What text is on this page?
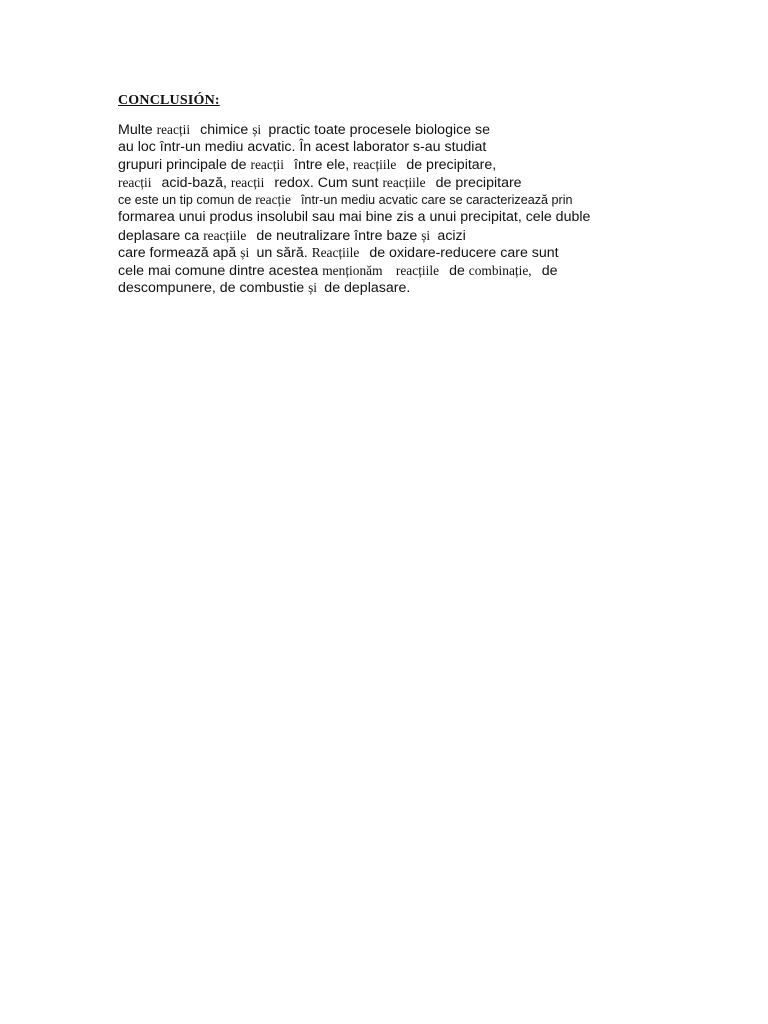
CONCLUSIÓN:
Multe reacții   chimice și  practic toate procesele biologice se
au loc într-un mediu acvatic. În acest laborator s-au studiat
grupuri principale de reacții   între ele, reacțiile   de precipitare,
reacții   acid-bază, reacții   redox. Cum sunt reacțiile   de precipitare
ce este un tip comun de reacție   într-un mediu acvatic care se caracterizează prin
formarea unui produs insolubil sau mai bine zis a unui precipitat, cele duble
deplasare ca reacțiile   de neutralizare între baze și  acizi
care formează apă și  un sără. Reacțiile   de oxidare-reducere care sunt
cele mai comune dintre acestea menționăm    reacțiile   de combinație,   de
descompunere, de combustie și  de deplasare.
